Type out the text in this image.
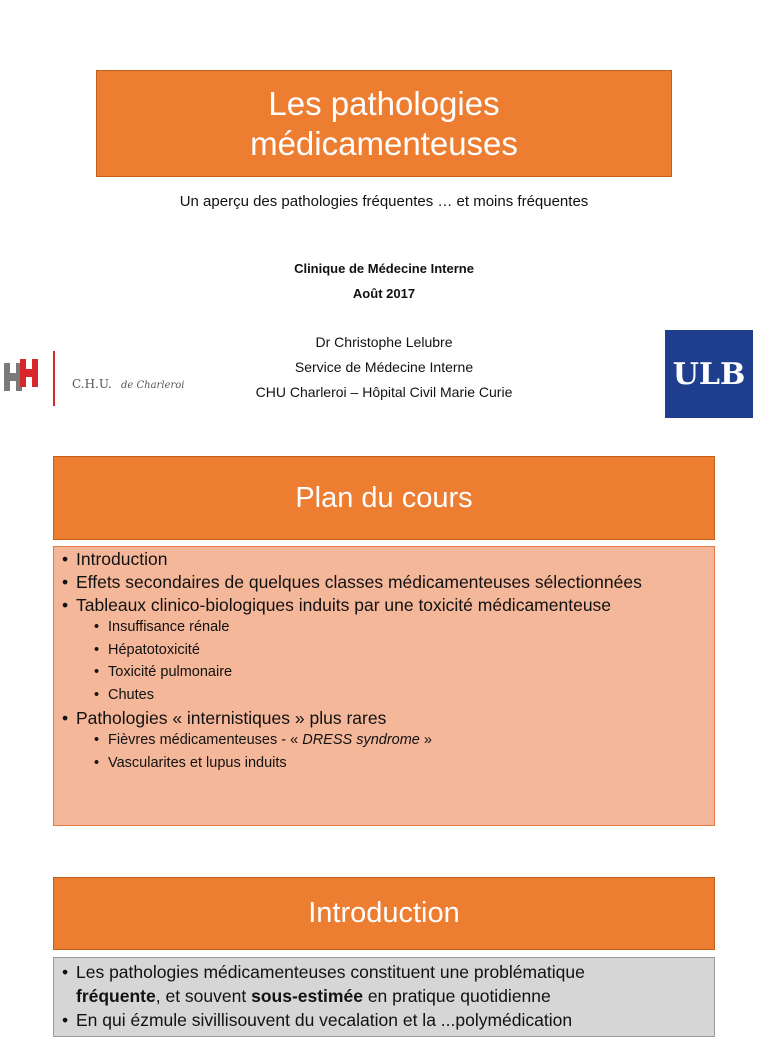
Les pathologies
médicamenteuses
Un aperçu des pathologies fréquentes … et moins fréquentes
Clinique de Médecine Interne
Août 2017
Dr Christophe Lelubre
Service de Médecine Interne
CHU Charleroi – Hôpital Civil Marie Curie
C.H.U. de Charleroi	ULB
Plan du cours
• Introduction
• Effets secondaires de quelques classes médicamenteuses sélectionnées
• Tableaux clinico-biologiques induits par une toxicité médicamenteuse
• Insuffisance rénale
• Hépatotoxicité
• Toxicité pulmonaire
• Chutes
• Pathologies « internistiques » plus rares
• Fièvres médicamenteuses - « DRESS syndrome »
• Vascularites et lupus induits
Introduction
• Les pathologies médicamenteuses constituent une problématique
fréquente, et souvent sous-estimée en pratique quotidienne
• En qui ézmule sivillisouvent du vecalation et la ...polymédication
